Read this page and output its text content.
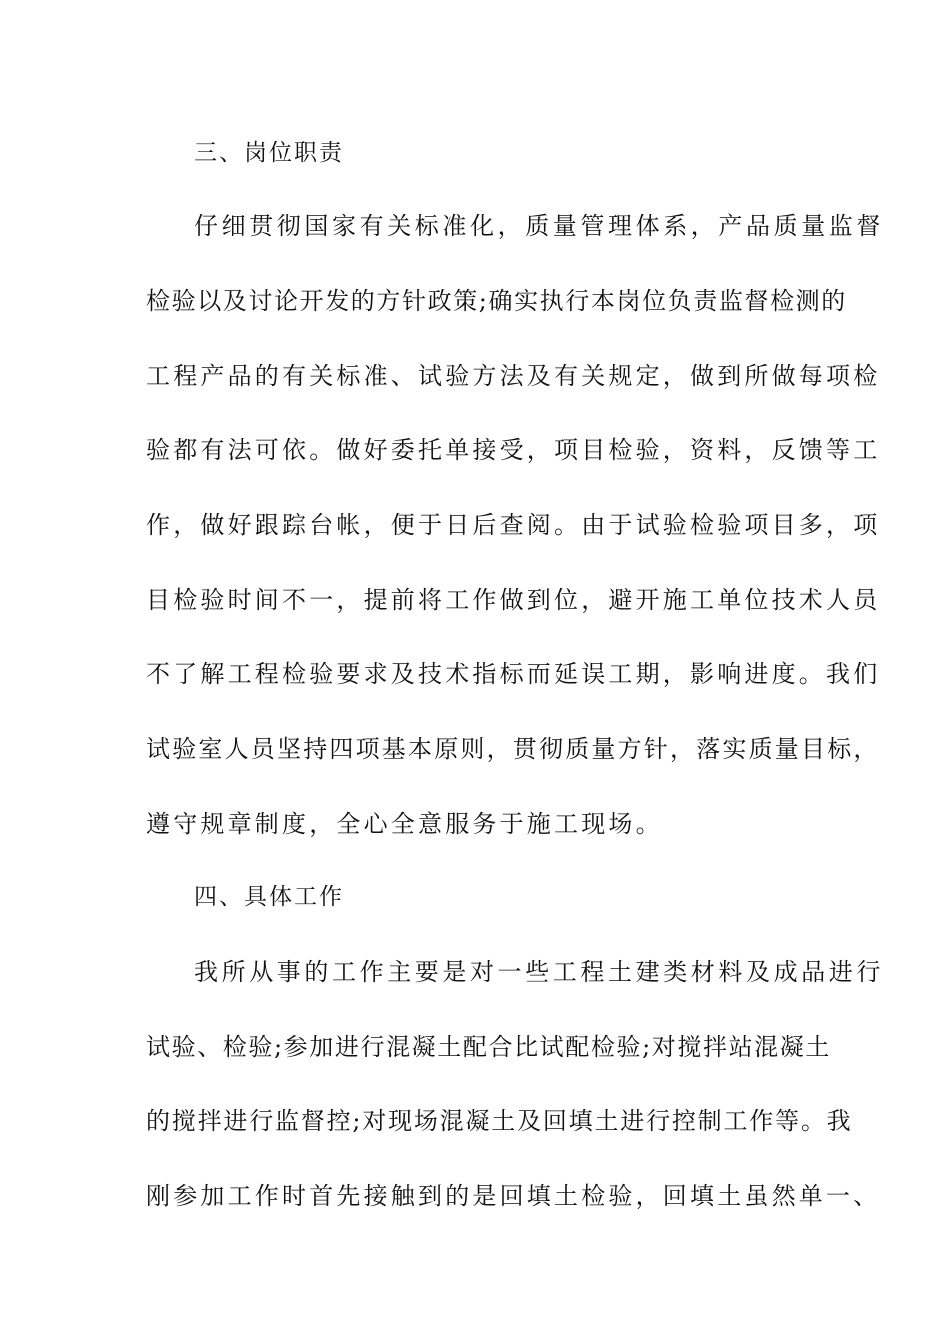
三、岗位职责
仔细贯彻国家有关标准化，质量管理体系，产品质量监督
检验以及讨论开发的方针政策;确实执行本岗位负责监督检测的
工程产品的有关标准、试验方法及有关规定，做到所做每项检
验都有法可依。做好委托单接受，项目检验，资料，反馈等工
作，做好跟踪台帐，便于日后查阅。由于试验检验项目多，项
目检验时间不一，提前将工作做到位，避开施工单位技术人员
不了解工程检验要求及技术指标而延误工期，影响进度。我们
试验室人员坚持四项基本原则，贯彻质量方针，落实质量目标，
遵守规章制度，全心全意服务于施工现场。
四、具体工作
我所从事的工作主要是对一些工程土建类材料及成品进行
试验、检验;参加进行混凝土配合比试配检验;对搅拌站混凝土
的搅拌进行监督控;对现场混凝土及回填土进行控制工作等。我
刚参加工作时首先接触到的是回填土检验，回填土虽然单一、
